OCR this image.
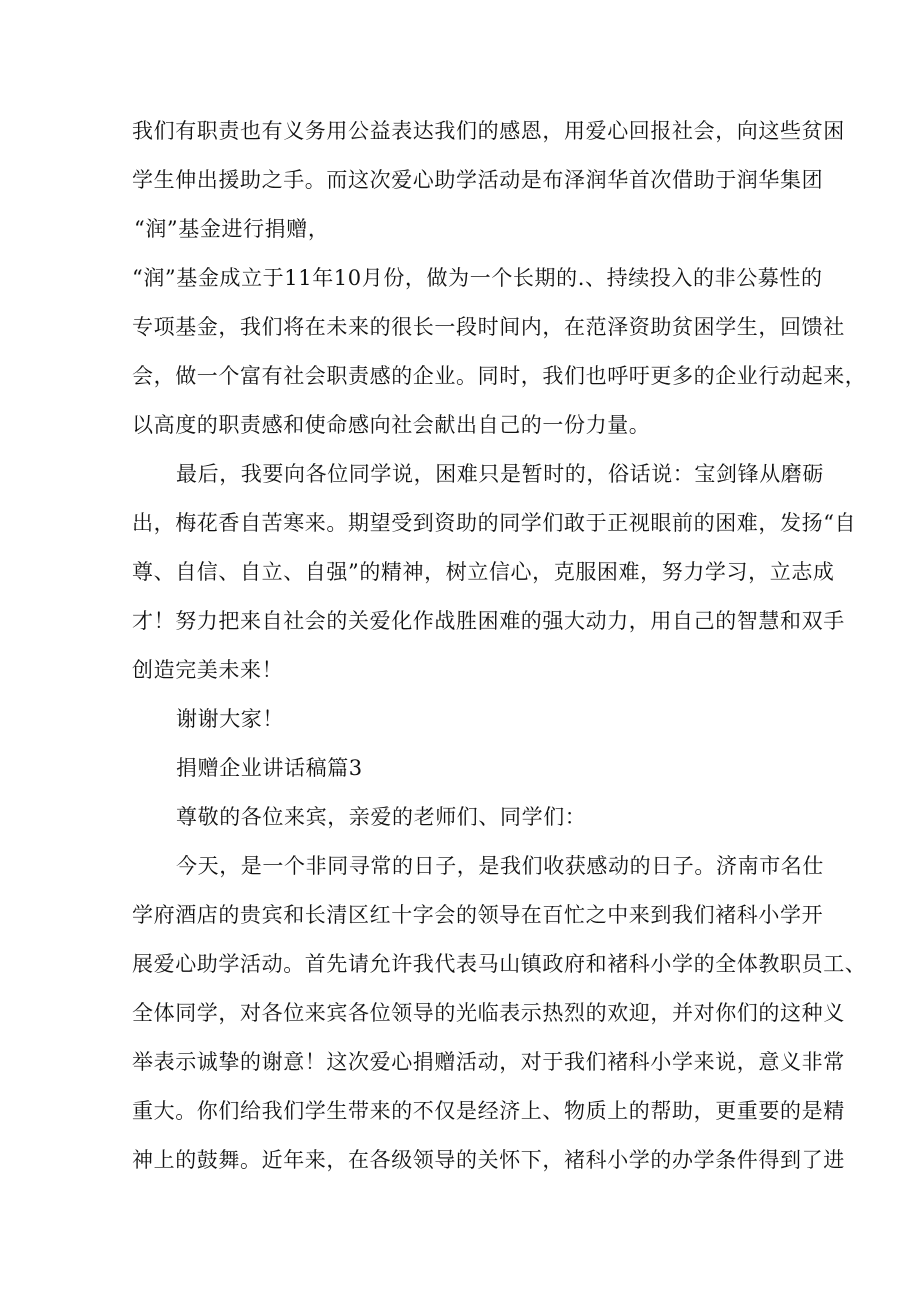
我们有职责也有义务用公益表达我们的感恩，用爱心回报社会，向这些贫困
学生伸出援助之手。而这次爱心助学活动是布泽润华首次借助于润华集团
“润”基金进行捐赠，
“润”基金成立于11年10月份，做为一个长期的.、持续投入的非公募性的
专项基金，我们将在未来的很长一段时间内，在范泽资助贫困学生，回馈社
会，做一个富有社会职责感的企业。同时，我们也呼吁更多的企业行动起来，
以高度的职责感和使命感向社会献出自己的一份力量。
最后，我要向各位同学说，困难只是暂时的，俗话说：宝剑锋从磨砺
出，梅花香自苦寒来。期望受到资助的同学们敢于正视眼前的困难，发扬“自
尊、自信、自立、自强”的精神，树立信心，克服困难，努力学习，立志成
才！努力把来自社会的关爱化作战胜困难的强大动力，用自己的智慧和双手
创造完美未来！
谢谢大家！
捐赠企业讲话稿篇3
尊敬的各位来宾，亲爱的老师们、同学们：
今天，是一个非同寻常的日子，是我们收获感动的日子。济南市名仕
学府酒店的贵宾和长清区红十字会的领导在百忙之中来到我们褚科小学开
展爱心助学活动。首先请允许我代表马山镇政府和褚科小学的全体教职员工、
全体同学，对各位来宾各位领导的光临表示热烈的欢迎，并对你们的这种义
举表示诚挚的谢意！这次爱心捐赠活动，对于我们褚科小学来说，意义非常
重大。你们给我们学生带来的不仅是经济上、物质上的帮助，更重要的是精
神上的鼓舞。近年来，在各级领导的关怀下，褚科小学的办学条件得到了进
